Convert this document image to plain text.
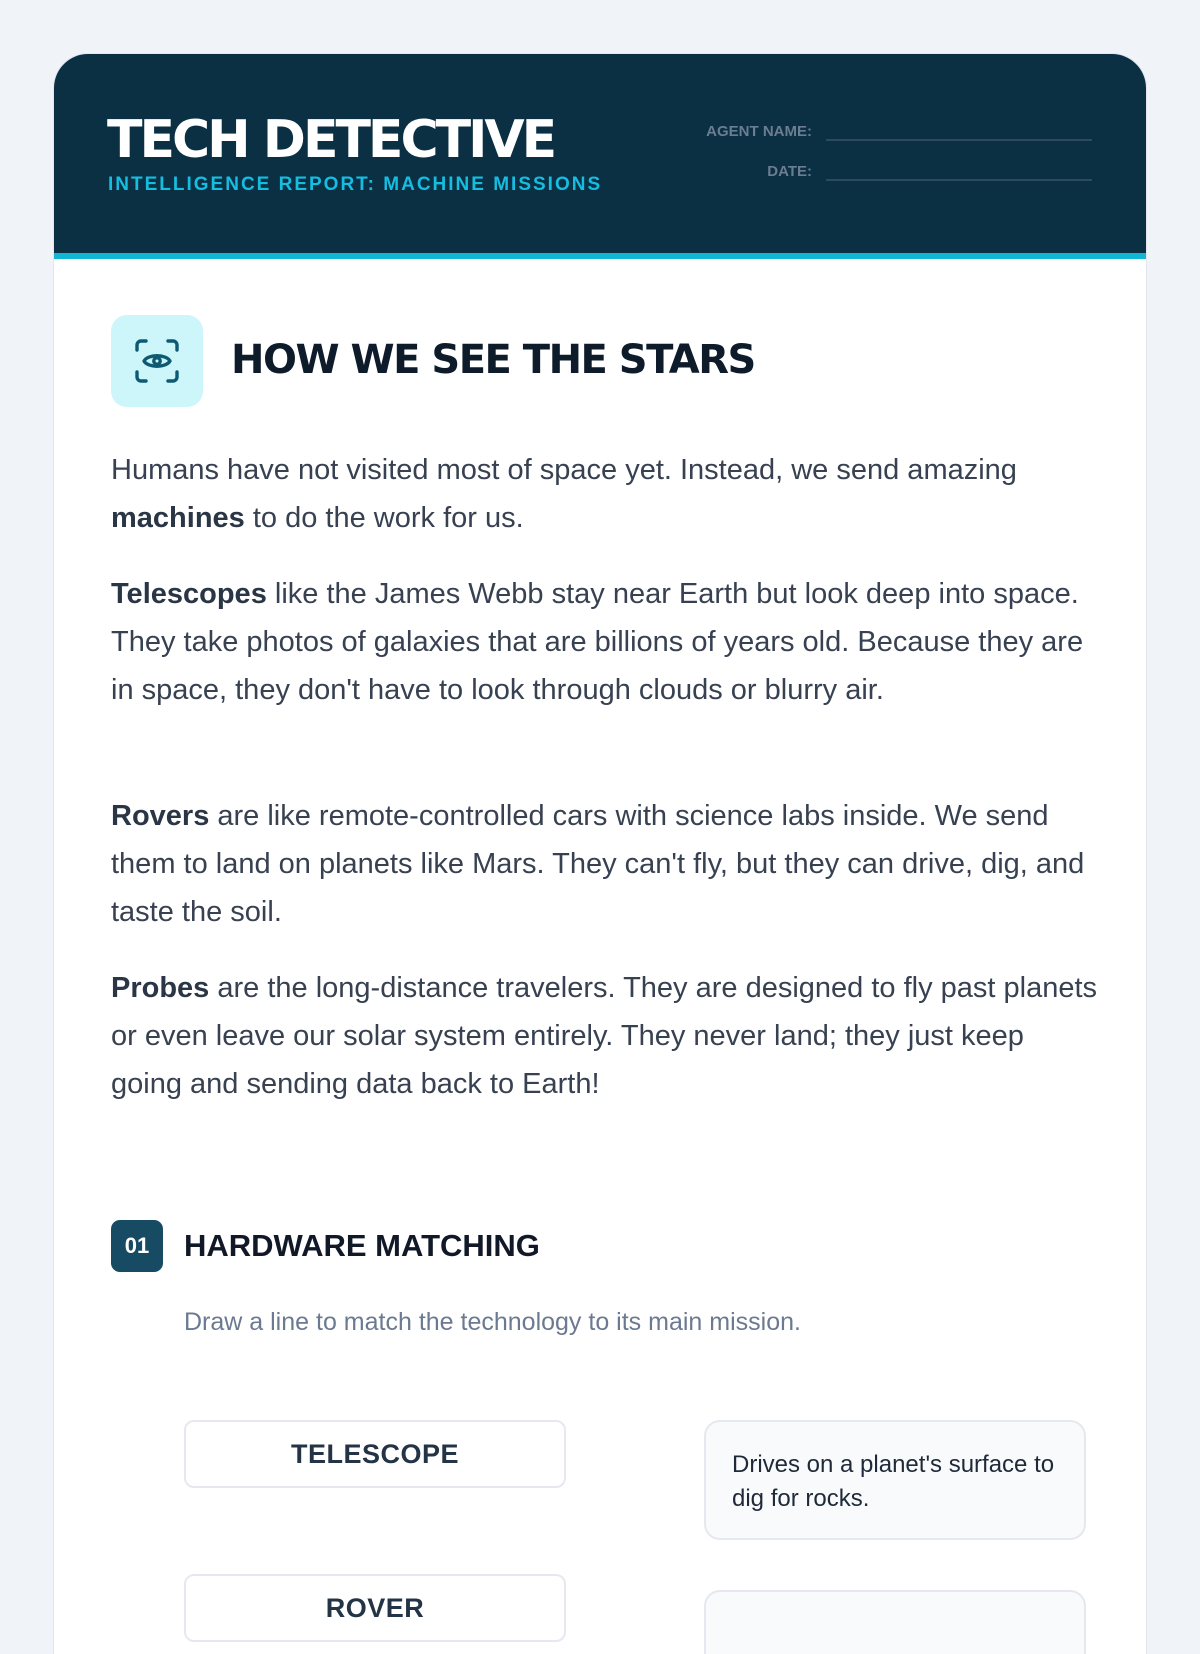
TECH DETECTIVE
INTELLIGENCE REPORT: MACHINE MISSIONS
AGENT NAME:
DATE:
HOW WE SEE THE STARS

Humans have not visited most of space yet. Instead, we send amazing machines to do the work for us.

Telescopes like the James Webb stay near Earth but look deep into space. They take photos of galaxies that are billions of years old. Because they are in space, they don't have to look through clouds or blurry air.

Rovers are like remote-controlled cars with science labs inside. We send them to land on planets like Mars. They can't fly, but they can drive, dig, and taste the soil.

Probes are the long-distance travelers. They are designed to fly past planets or even leave our solar system entirely. They never land; they just keep going and sending data back to Earth!

01	HARDWARE MATCHING

Draw a line to match the technology to its main mission.

TELESCOPE	Drives on a planet's surface to dig for rocks.
ROVER
